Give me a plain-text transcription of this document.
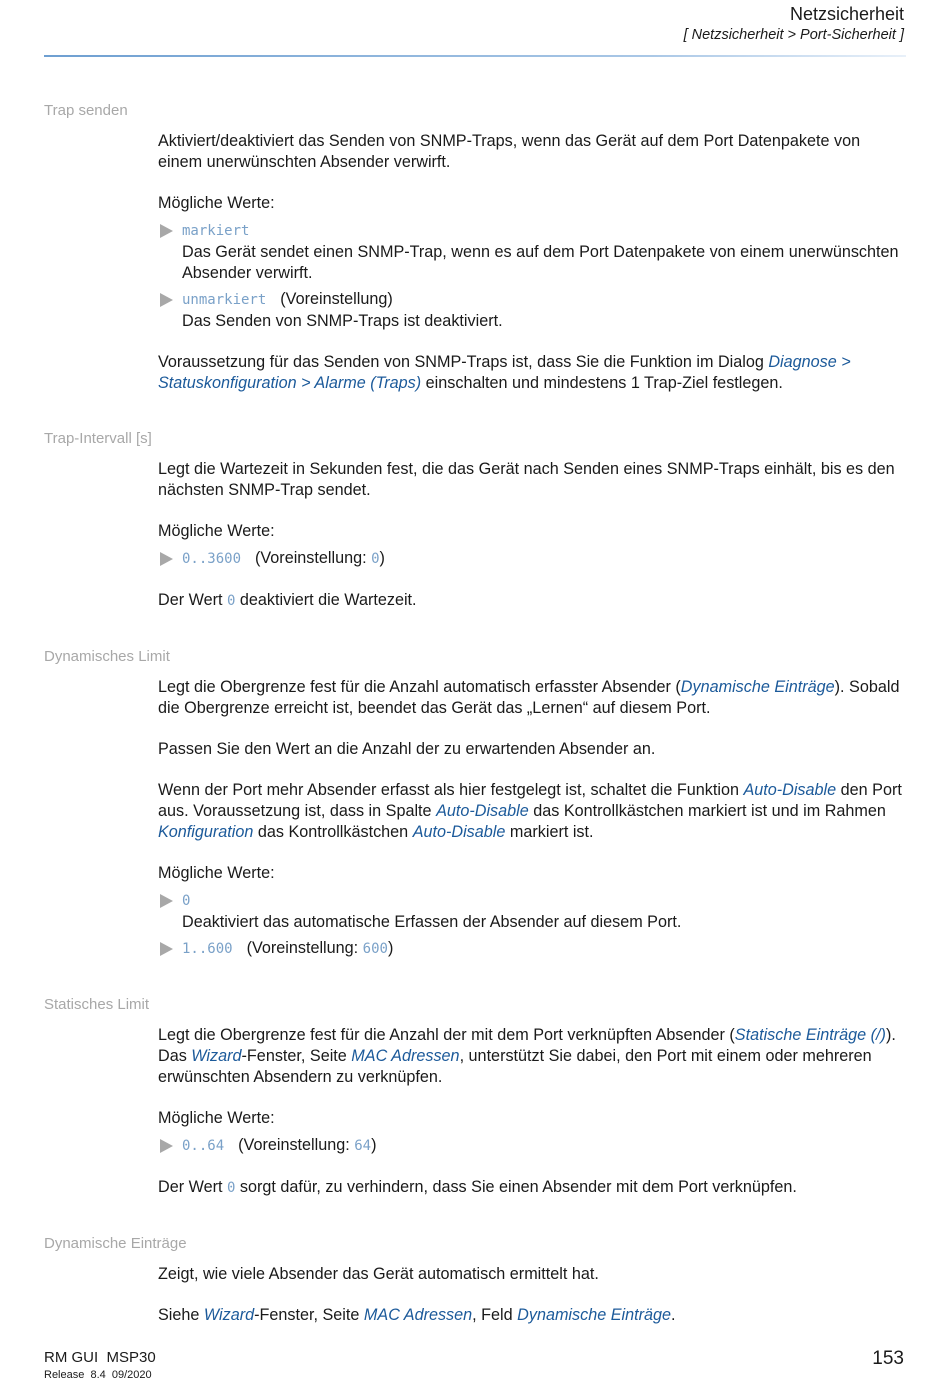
Netzsicherheit
[ Netzsicherheit > Port-Sicherheit ]
Trap senden

Aktiviert/deaktiviert das Senden von SNMP-Traps, wenn das Gerät auf dem Port Datenpakete von einem unerwünschten Absender verwirft.

Mögliche Werte:

markiert
Das Gerät sendet einen SNMP-Trap, wenn es auf dem Port Datenpakete von einem unerwünschten Absender verwirft.
unmarkiert (Voreinstellung)
Das Senden von SNMP-Traps ist deaktiviert.

Voraussetzung für das Senden von SNMP-Traps ist, dass Sie die Funktion im Dialog Diagnose > Statuskonfiguration > Alarme (Traps) einschalten und mindestens 1 Trap-Ziel festlegen.

Trap-Intervall [s]

Legt die Wartezeit in Sekunden fest, die das Gerät nach Senden eines SNMP-Traps einhält, bis es den nächsten SNMP-Trap sendet.

Mögliche Werte:

0..3600 (Voreinstellung: 0)

Der Wert 0 deaktiviert die Wartezeit.

Dynamisches Limit

Legt die Obergrenze fest für die Anzahl automatisch erfasster Absender (Dynamische Einträge). Sobald die Obergrenze erreicht ist, beendet das Gerät das „Lernen“ auf diesem Port.

Passen Sie den Wert an die Anzahl der zu erwartenden Absender an.

Wenn der Port mehr Absender erfasst als hier festgelegt ist, schaltet die Funktion Auto-Disable den Port aus. Voraussetzung ist, dass in Spalte Auto-Disable das Kontrollkästchen markiert ist und im Rahmen Konfiguration das Kontrollkästchen Auto-Disable markiert ist.

Mögliche Werte:

0
Deaktiviert das automatische Erfassen der Absender auf diesem Port.
1..600 (Voreinstellung: 600)
Statisches Limit

Legt die Obergrenze fest für die Anzahl der mit dem Port verknüpften Absender (Statische Einträge (/)). Das Wizard-Fenster, Seite MAC Adressen, unterstützt Sie dabei, den Port mit einem oder mehreren erwünschten Absendern zu verknüpfen.

Mögliche Werte:

0..64 (Voreinstellung: 64)

Der Wert 0 sorgt dafür, zu verhindern, dass Sie einen Absender mit dem Port verknüpfen.

Dynamische Einträge

Zeigt, wie viele Absender das Gerät automatisch ermittelt hat.

Siehe Wizard-Fenster, Seite MAC Adressen, Feld Dynamische Einträge.

RM GUI  MSP30
Release  8.4  09/2020
153
